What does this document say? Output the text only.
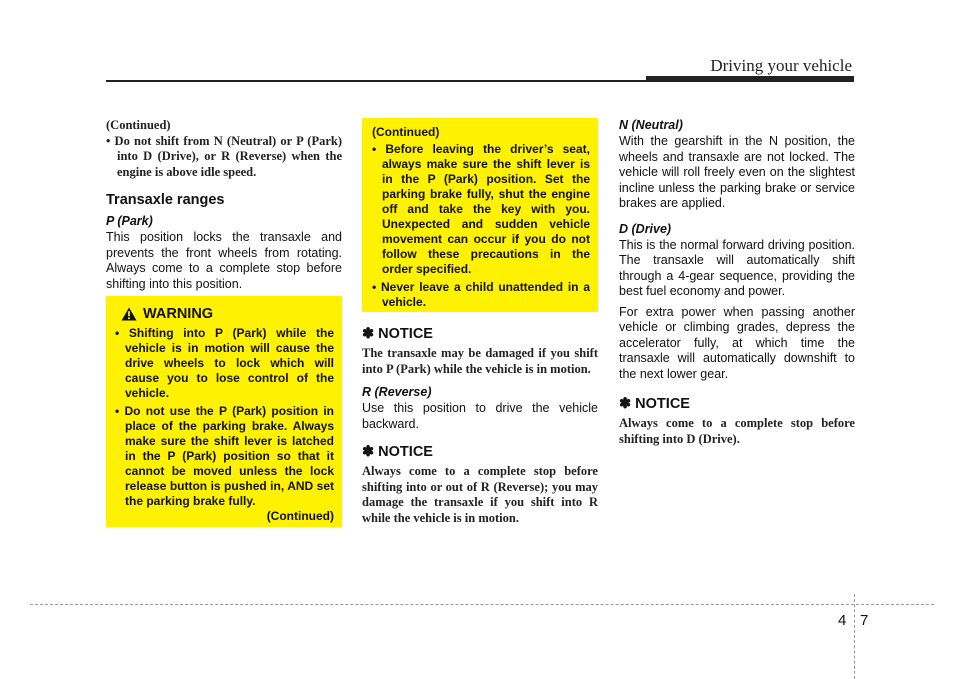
Driving your vehicle

(Continued)

• Do not shift from N (Neutral) or P (Park) into D (Drive), or R (Reverse) when the engine is above idle speed.

Transaxle ranges
P (Park)

This position locks the transaxle and prevents the front wheels from rotating. Always come to a complete stop before shifting into this position.

WARNING

• Shifting into P (Park) while the vehicle is in motion will cause the drive wheels to lock which will cause you to lose control of the vehicle.

• Do not use the P (Park) position in place of the parking brake. Always make sure the shift lever is latched in the P (Park) position so that it cannot be moved unless the lock release button is pushed in, AND set the parking brake fully.

(Continued)

(Continued)

• Before leaving the driver’s seat, always make sure the shift lever is in the P (Park) position. Set the parking brake fully, shut the engine off and take the key with you. Unexpected and sudden vehicle movement can occur if you do not follow these precautions in the order specified.

• Never leave a child unattended in a vehicle.

✽ NOTICE

The transaxle may be damaged if you shift into P (Park) while the vehicle is in motion.

R (Reverse)

Use this position to drive the vehicle backward.

✽ NOTICE

Always come to a complete stop before shifting into or out of R (Reverse); you may damage the transaxle if you shift into R while the vehicle is in motion.

N (Neutral)

With the gearshift in the N position, the wheels and transaxle are not locked. The vehicle will roll freely even on the slightest incline unless the parking brake or service brakes are applied.

D (Drive)

This is the normal forward driving position. The transaxle will automatically shift through a 4-gear sequence, providing the best fuel economy and power.

For extra power when passing another vehicle or climbing grades, depress the accelerator fully, at which time the transaxle will automatically downshift to the next lower gear.

✽ NOTICE

Always come to a complete stop before shifting into D (Drive).

4 7
